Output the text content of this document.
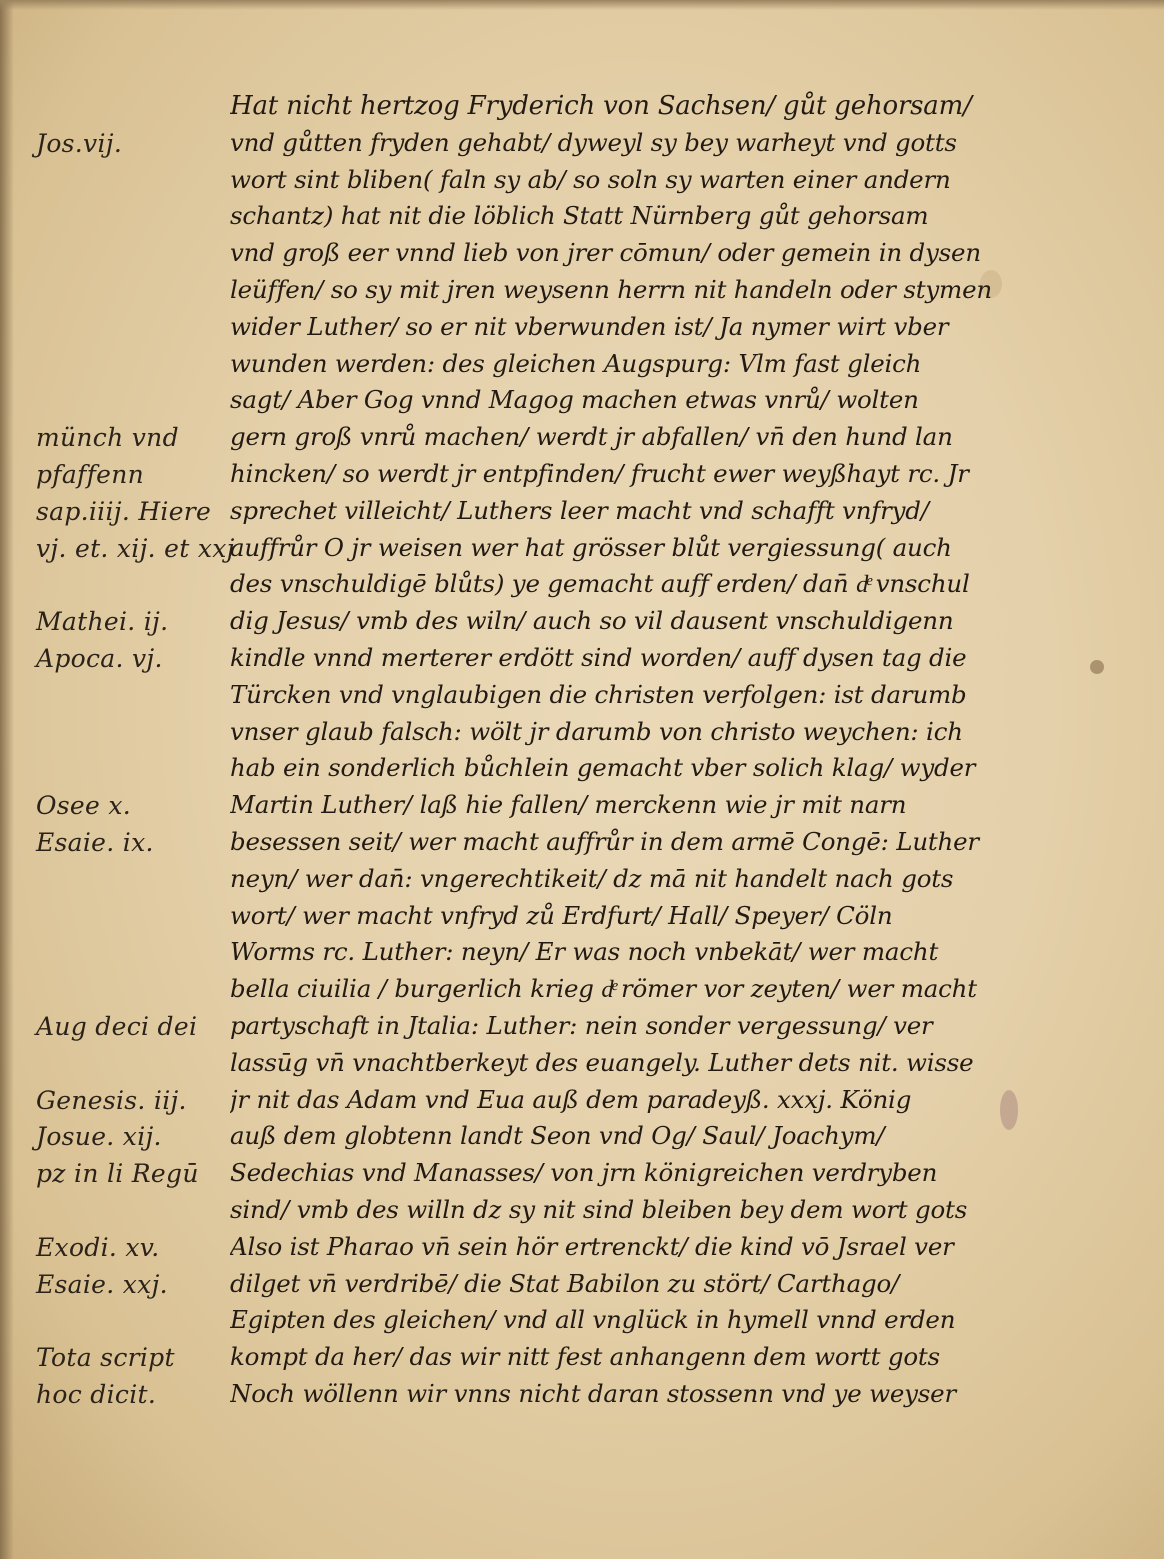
Jos.vij.
münch vnd
pfaffenn
sap.iiij. Hiere
vj. et. xij. et xxj
Mathei. ij.
Apoca. vj.
Osee x.
Esaie. ix.
Aug deci dei
Genesis. iij.
Josue. xij.
pz in li Regū
Exodi. xv.
Esaie. xxj.
Tota script
hoc dicit.
Hat nicht hertzog Fryderich von Sachsen/ gůt gehorsam/
vnd gůtten fryden gehabt/ dyweyl sy bey warheyt vnd gotts
wort sint bliben( faln sy ab/ so soln sy warten einer andern
schantz) hat nit die löblich Statt Nürnberg gůt gehorsam
vnd groß eer vnnd lieb von jrer cōmun/ oder gemein in dysen
leüffen/ so sy mit jren weysenn herrn nit handeln oder stymen
wider Luther/ so er nit vberwunden ist/ Ja nymer wirt vber
wunden werden: des gleichen Augspurg: Vlm fast gleich
sagt/ Aber Gog vnnd Magog machen etwas vnrů/ wolten
gern groß vnrů machen/ werdt jr abfallen/ vn̄ den hund lan
hincken/ so werdt jr entpfinden/ frucht ewer weyßhayt rc. Jr
sprechet villeicht/ Luthers leer macht vnd schafft vnfryd/
auffrůr O jr weisen wer hat grösser blůt vergiessung( auch
des vnschuldigē blůts) ye gemacht auff erden/ dan̄ dͤ vnschul
dig Jesus/ vmb des wiln/ auch so vil dausent vnschuldigenn
kindle vnnd merterer erdött sind worden/ auff dysen tag die
Türcken vnd vnglaubigen die christen verfolgen: ist darumb
vnser glaub falsch: wölt jr darumb von christo weychen: ich
hab ein sonderlich bůchlein gemacht vber solich klag/ wyder
Martin Luther/ laß hie fallen/ merckenn wie jr mit narn
besessen seit/ wer macht auffrůr in dem armē Congē: Luther
neyn/ wer dan̄: vngerechtikeit/ dz mā nit handelt nach gots
wort/ wer macht vnfryd zů Erdfurt/ Hall/ Speyer/ Cöln
Worms rc. Luther: neyn/ Er was noch vnbekāt/ wer macht
bella ciuilia / burgerlich krieg dͤ römer vor zeyten/ wer macht
partyschaft in Jtalia: Luther: nein sonder vergessung/ ver
lassūg vn̄ vnachtberkeyt des euangely. Luther dets nit. wisse
jr nit das Adam vnd Eua auß dem paradeyß. xxxj. König
auß dem globtenn landt Seon vnd Og/ Saul/ Joachym/
Sedechias vnd Manasses/ von jrn königreichen verdryben
sind/ vmb des willn dz sy nit sind bleiben bey dem wort gots
Also ist Pharao vn̄ sein hör ertrenckt/ die kind vō Jsrael ver
dilget vn̄ verdribē/ die Stat Babilon zu stört/ Carthago/
Egipten des gleichen/ vnd all vnglück in hymell vnnd erden
kompt da her/ das wir nitt fest anhangenn dem wortt gots
Noch wöllenn wir vnns nicht daran stossenn vnd ye weyser
